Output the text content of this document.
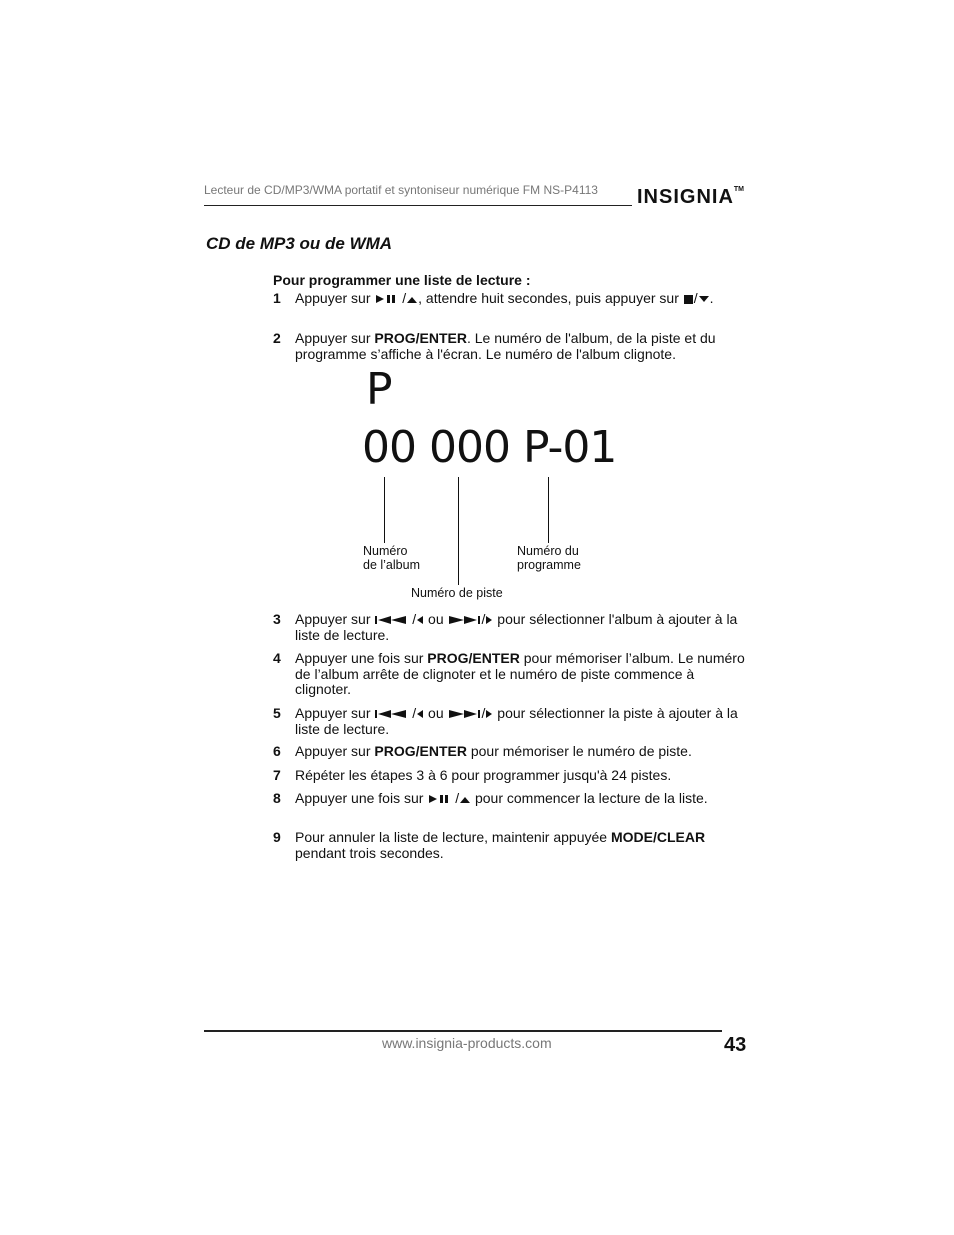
Lecteur de CD/MP3/WMA portatif et syntoniseur numérique FM NS-P4113 INSIGNIA™
CD de MP3 ou de WMA
Pour programmer une liste de lecture :
1 Appuyer sur / , attendre huit secondes, puis appuyer sur / .
2 Appuyer sur PROG/ENTER. Le numéro de l'album, de la piste et du programme s’affiche à l'écran. Le numéro de l'album clignote.
P
00 000 P-01
Numéro
de l’album
Numéro du
programme
Numéro de piste
3 Appuyer sur	/ ou	/ pour sélectionner l'album à ajouter à la liste de lecture.
4 Appuyer une fois sur PROG/ENTER pour mémoriser l’album. Le numéro de l’album arrête de clignoter et le numéro de piste commence à clignoter.
5 Appuyer sur	/ ou	/ pour sélectionner la piste à ajouter à la liste de lecture.
6 Appuyer sur PROG/ENTER pour mémoriser le numéro de piste.
7 Répéter les étapes 3 à 6 pour programmer jusqu'à 24 pistes.
8 Appuyer une fois sur / pour commencer la lecture de la liste.
9 Pour annuler la liste de lecture, maintenir appuyée MODE/CLEAR pendant trois secondes.
www.insignia-products.com	43
